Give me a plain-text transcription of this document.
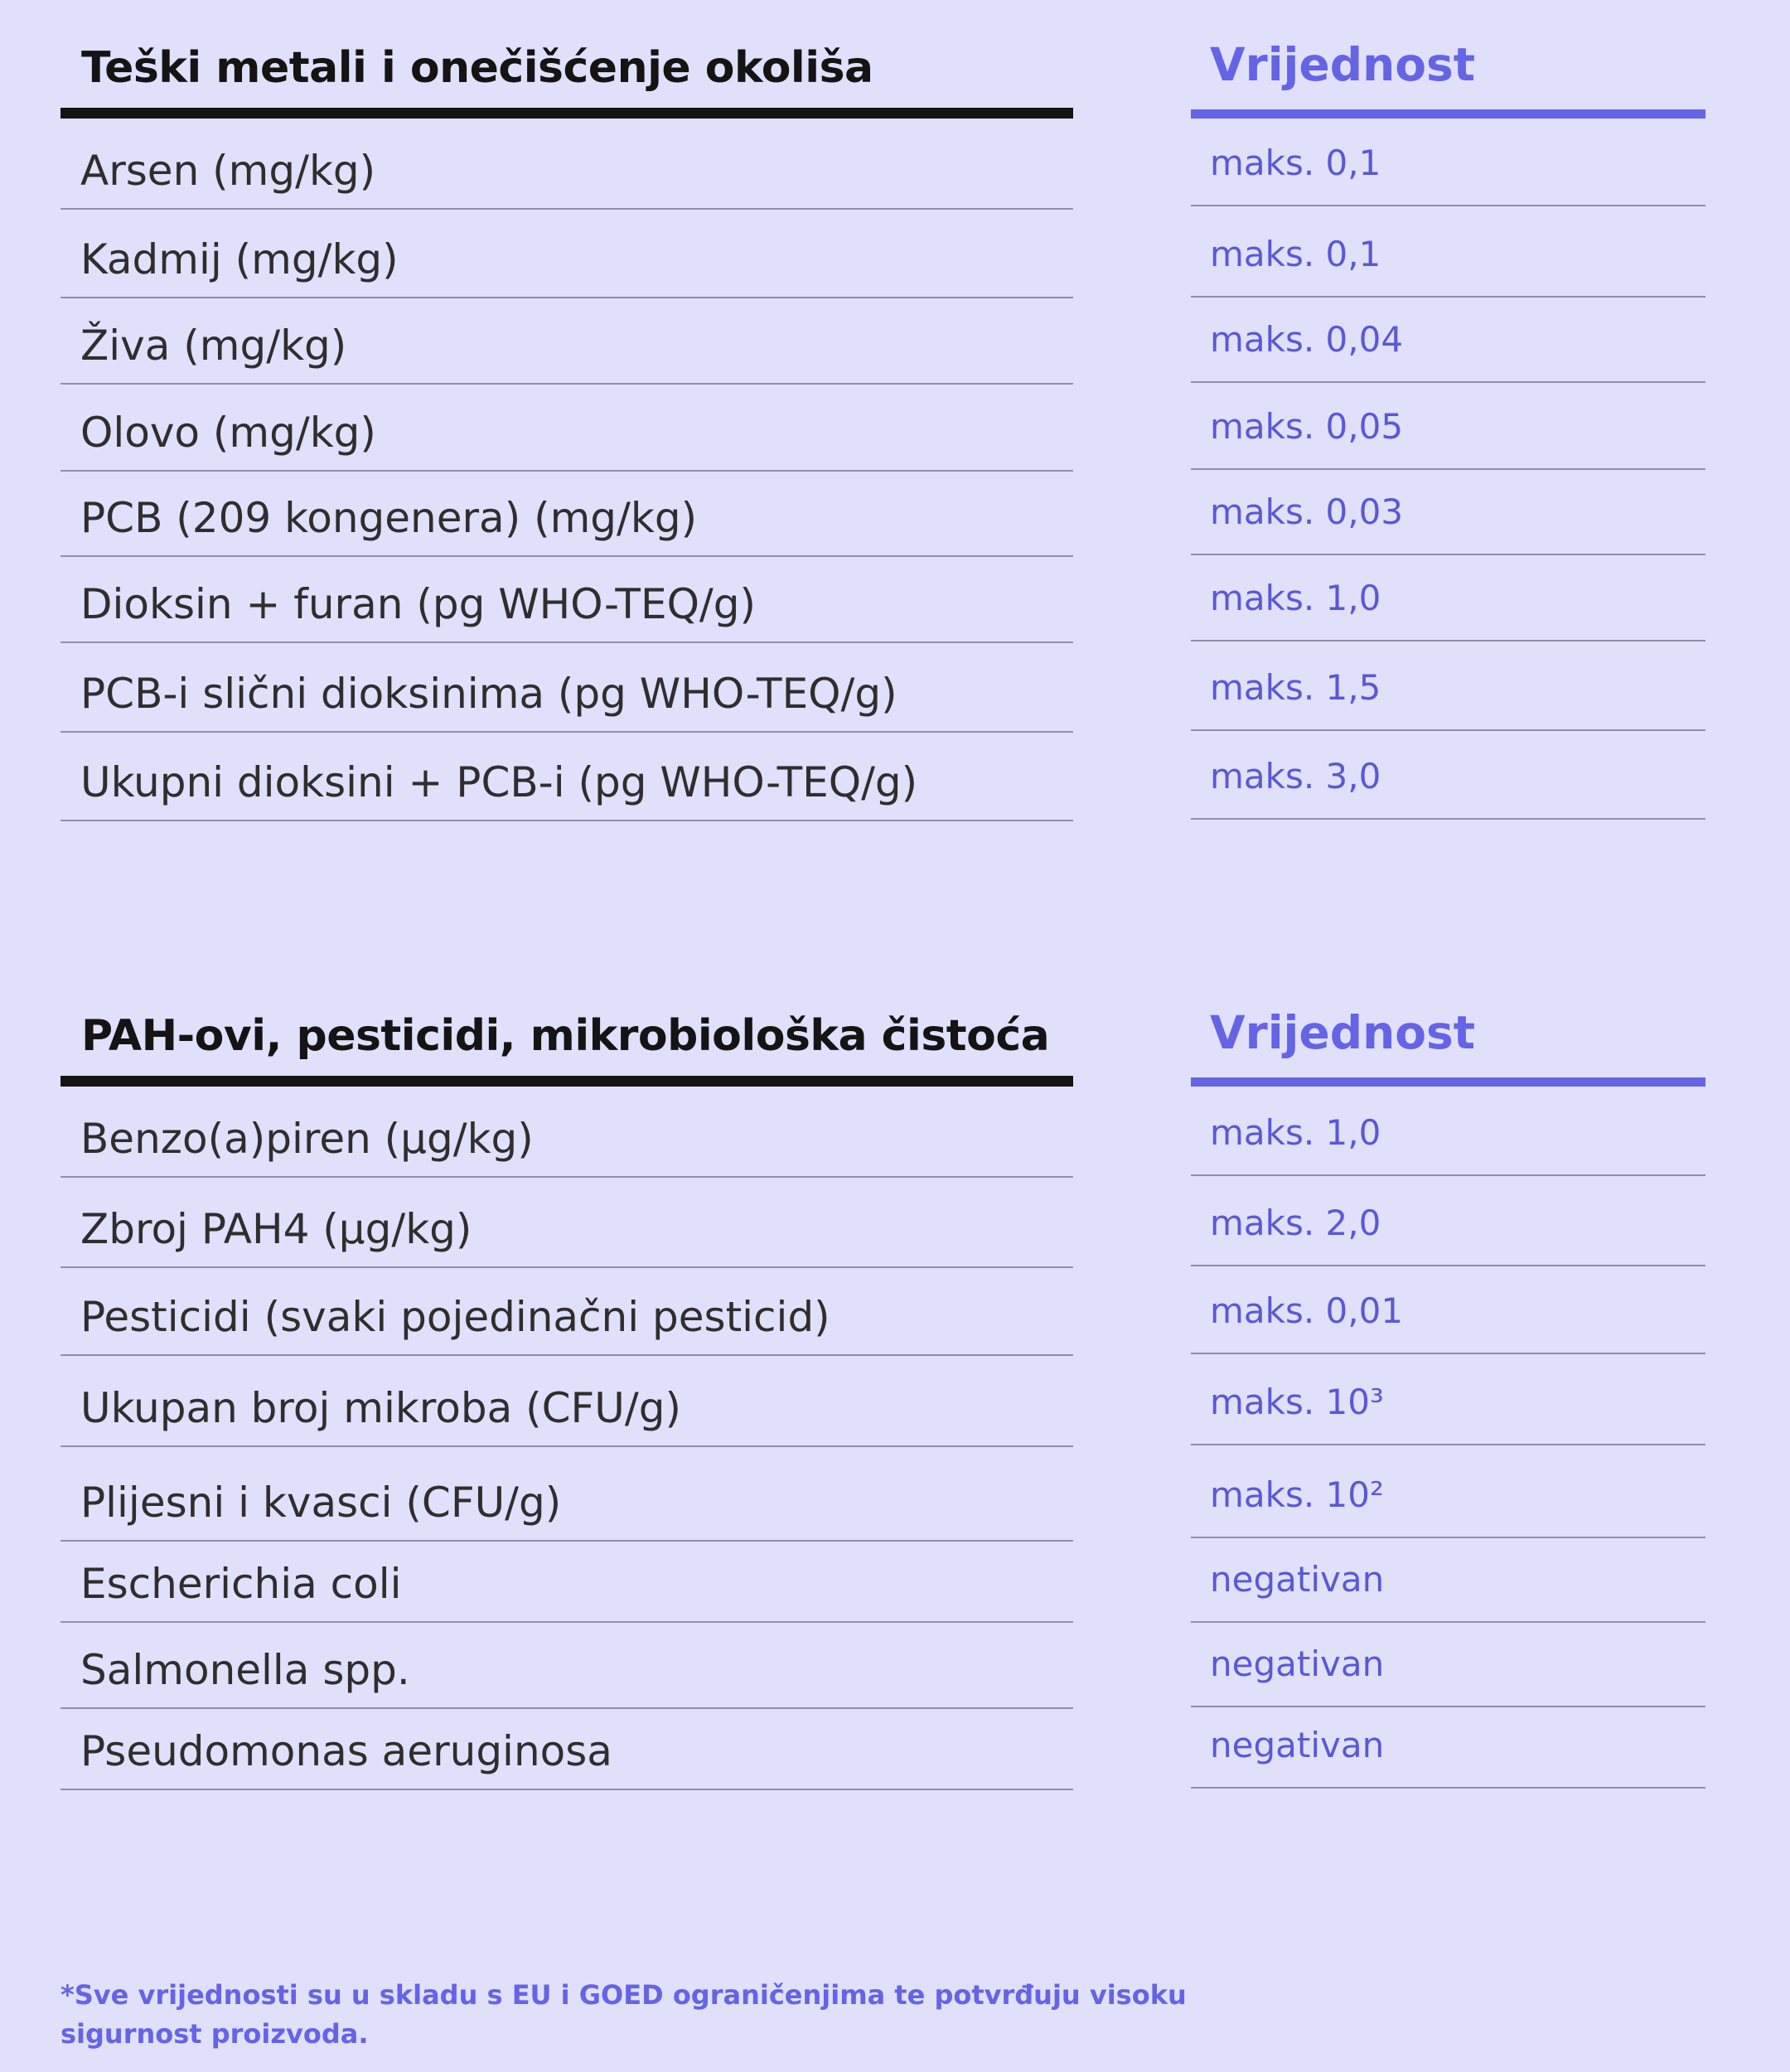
Teški metali i onečišćenje okoliša	Vrijednost
Arsen (mg/kg)	maks. 0,1
Kadmij (mg/kg)	maks. 0,1
Živa (mg/kg)	maks. 0,04
Olovo (mg/kg)	maks. 0,05
PCB (209 kongenera) (mg/kg)	maks. 0,03
Dioksin + furan (pg WHO-TEQ/g)	maks. 1,0
PCB-i slični dioksinima (pg WHO-TEQ/g)	maks. 1,5
Ukupni dioksini + PCB-i (pg WHO-TEQ/g)	maks. 3,0
PAH-ovi, pesticidi, mikrobiološka čistoća	Vrijednost
Benzo(a)piren (µg/kg)	maks. 1,0
Zbroj PAH4 (µg/kg)	maks. 2,0
Pesticidi (svaki pojedinačni pesticid)	maks. 0,01
Ukupan broj mikroba (CFU/g)	maks. 10³
Plijesni i kvasci (CFU/g)	maks. 10²
Escherichia coli	negativan
Salmonella spp.	negativan
Pseudomonas aeruginosa	negativan
*Sve vrijednosti su u skladu s EU i GOED ograničenjima te potvrđuju visoku sigurnost proizvoda.
